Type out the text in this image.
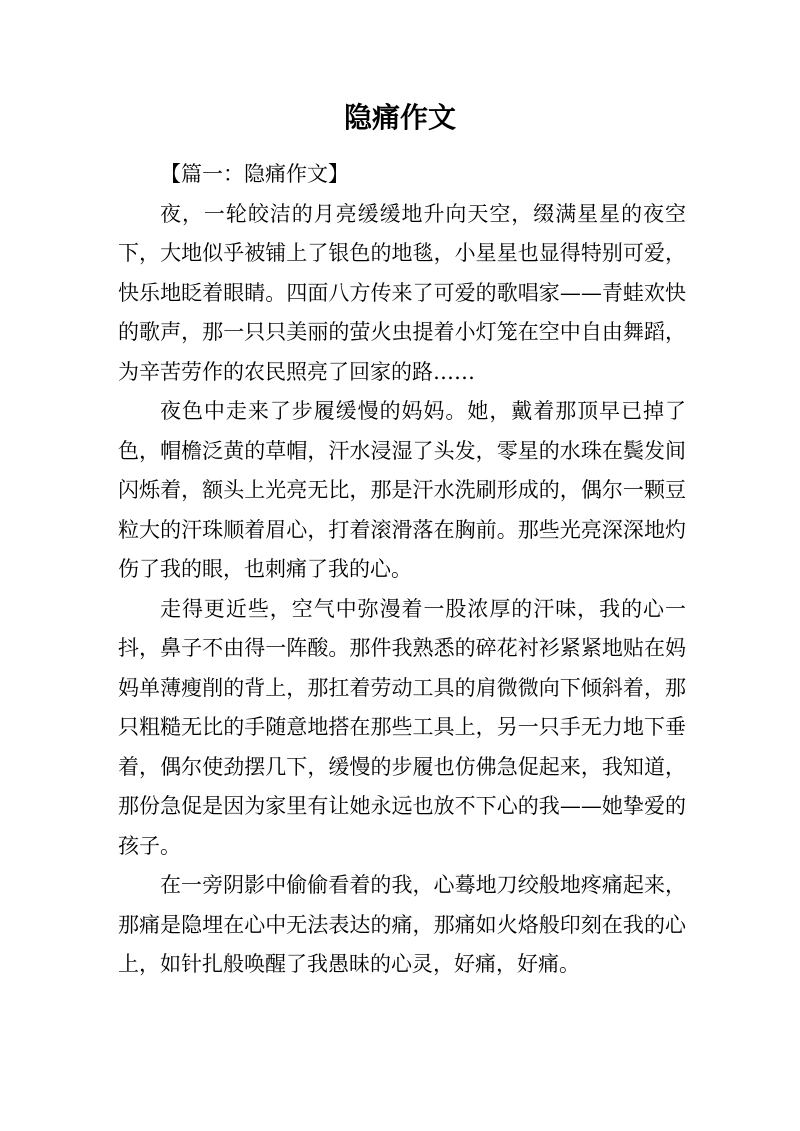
隐痛作文

【篇一：隐痛作文】

夜，一轮皎洁的月亮缓缓地升向天空，缀满星星的夜空下，大地似乎被铺上了银色的地毯，小星星也显得特别可爱，快乐地眨着眼睛。四面八方传来了可爱的歌唱家——青蛙欢快的歌声，那一只只美丽的萤火虫提着小灯笼在空中自由舞蹈，为辛苦劳作的农民照亮了回家的路……

夜色中走来了步履缓慢的妈妈。她，戴着那顶早已掉了色，帽檐泛黄的草帽，汗水浸湿了头发，零星的水珠在鬓发间闪烁着，额头上光亮无比，那是汗水洗刷形成的，偶尔一颗豆粒大的汗珠顺着眉心，打着滚滑落在胸前。那些光亮深深地灼伤了我的眼，也刺痛了我的心。

走得更近些，空气中弥漫着一股浓厚的汗味，我的心一抖，鼻子不由得一阵酸。那件我熟悉的碎花衬衫紧紧地贴在妈妈单薄瘦削的背上，那扛着劳动工具的肩微微向下倾斜着，那只粗糙无比的手随意地搭在那些工具上，另一只手无力地下垂着，偶尔使劲摆几下，缓慢的步履也仿佛急促起来，我知道，那份急促是因为家里有让她永远也放不下心的我——她挚爱的孩子。

在一旁阴影中偷偷看着的我，心蓦地刀绞般地疼痛起来，那痛是隐埋在心中无法表达的痛，那痛如火烙般印刻在我的心上，如针扎般唤醒了我愚昧的心灵，好痛，好痛。
